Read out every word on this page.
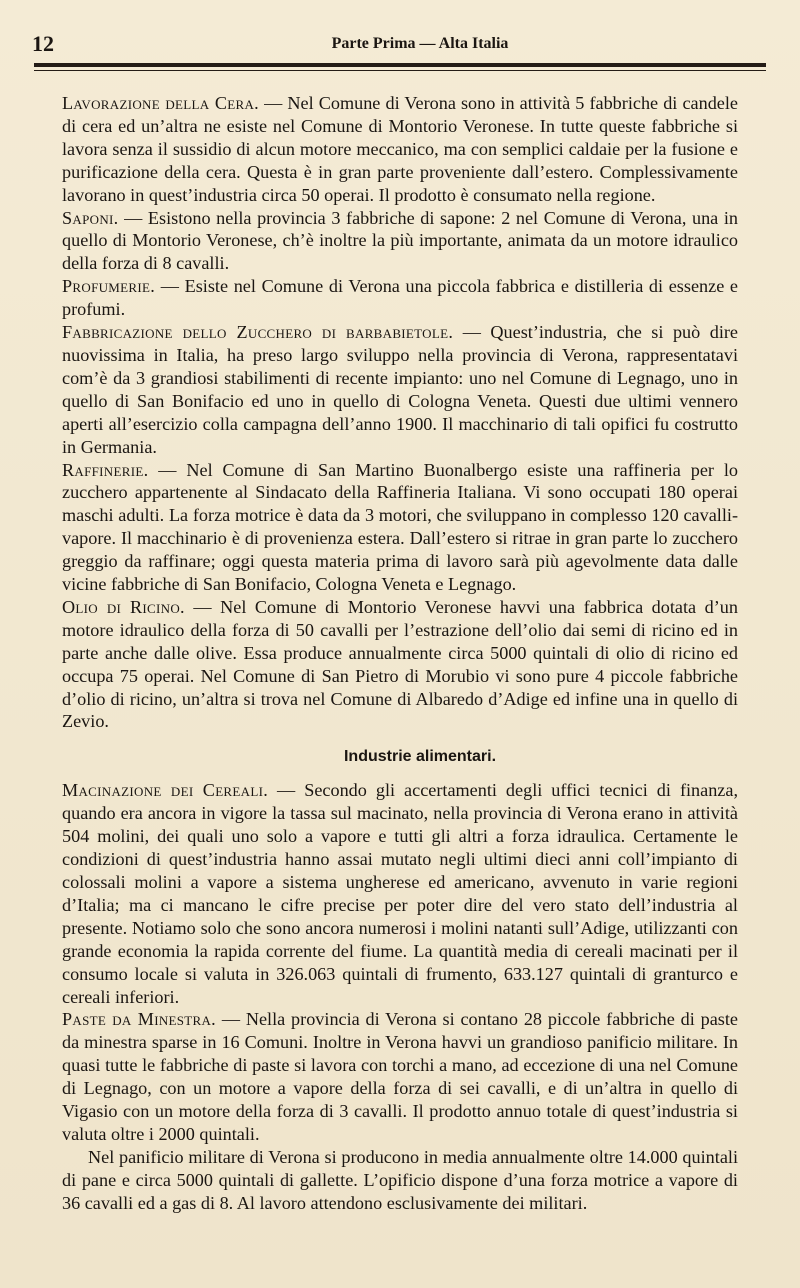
12	Parte Prima — Alta Italia

Lavorazione della Cera. — Nel Comune di Verona sono in attività 5 fabbriche di candele di cera ed un’altra ne esiste nel Comune di Montorio Veronese. In tutte queste fabbriche si lavora senza il sussidio di alcun motore meccanico, ma con semplici caldaie per la fusione e purificazione della cera. Questa è in gran parte proveniente dall’estero. Complessivamente lavorano in quest’industria circa 50 operai. Il prodotto è consumato nella regione.

Saponi. — Esistono nella provincia 3 fabbriche di sapone: 2 nel Comune di Verona, una in quello di Montorio Veronese, ch’è inoltre la più importante, animata da un motore idraulico della forza di 8 cavalli.

Profumerie. — Esiste nel Comune di Verona una piccola fabbrica e distilleria di essenze e profumi.

Fabbricazione dello Zucchero di barbabietole. — Quest’industria, che si può dire nuovissima in Italia, ha preso largo sviluppo nella provincia di Verona, rappresentatavi com’è da 3 grandiosi stabilimenti di recente impianto: uno nel Comune di Legnago, uno in quello di San Bonifacio ed uno in quello di Cologna Veneta. Questi due ultimi vennero aperti all’esercizio colla campagna dell’anno 1900. Il macchinario di tali opifici fu costrutto in Germania.

Raffinerie. — Nel Comune di San Martino Buonalbergo esiste una raffineria per lo zucchero appartenente al Sindacato della Raffineria Italiana. Vi sono occupati 180 operai maschi adulti. La forza motrice è data da 3 motori, che sviluppano in complesso 120 cavalli-vapore. Il macchinario è di provenienza estera. Dall’estero si ritrae in gran parte lo zucchero greggio da raffinare; oggi questa materia prima di lavoro sarà più agevolmente data dalle vicine fabbriche di San Bonifacio, Cologna Veneta e Legnago.

Olio di Ricino. — Nel Comune di Montorio Veronese havvi una fabbrica dotata d’un motore idraulico della forza di 50 cavalli per l’estrazione dell’olio dai semi di ricino ed in parte anche dalle olive. Essa produce annualmente circa 5000 quintali di olio di ricino ed occupa 75 operai. Nel Comune di San Pietro di Morubio vi sono pure 4 piccole fabbriche d’olio di ricino, un’altra si trova nel Comune di Albaredo d’Adige ed infine una in quello di Zevio.

Industrie alimentari.

Macinazione dei Cereali. — Secondo gli accertamenti degli uffici tecnici di finanza, quando era ancora in vigore la tassa sul macinato, nella provincia di Verona erano in attività 504 molini, dei quali uno solo a vapore e tutti gli altri a forza idraulica. Certamente le condizioni di quest’industria hanno assai mutato negli ultimi dieci anni coll’impianto di colossali molini a vapore a sistema ungherese ed americano, avvenuto in varie regioni d’Italia; ma ci mancano le cifre precise per poter dire del vero stato dell’industria al presente. Notiamo solo che sono ancora numerosi i molini natanti sull’Adige, utilizzanti con grande economia la rapida corrente del fiume. La quantità media di cereali macinati per il consumo locale si valuta in 326.063 quintali di frumento, 633.127 quintali di granturco e cereali inferiori.

Paste da Minestra. — Nella provincia di Verona si contano 28 piccole fabbriche di paste da minestra sparse in 16 Comuni. Inoltre in Verona havvi un grandioso panificio militare. In quasi tutte le fabbriche di paste si lavora con torchi a mano, ad eccezione di una nel Comune di Legnago, con un motore a vapore della forza di sei cavalli, e di un’altra in quello di Vigasio con un motore della forza di 3 cavalli. Il prodotto annuo totale di quest’industria si valuta oltre i 2000 quintali.

Nel panificio militare di Verona si producono in media annualmente oltre 14.000 quintali di pane e circa 5000 quintali di gallette. L’opificio dispone d’una forza motrice a vapore di 36 cavalli ed a gas di 8. Al lavoro attendono esclusivamente dei militari.
